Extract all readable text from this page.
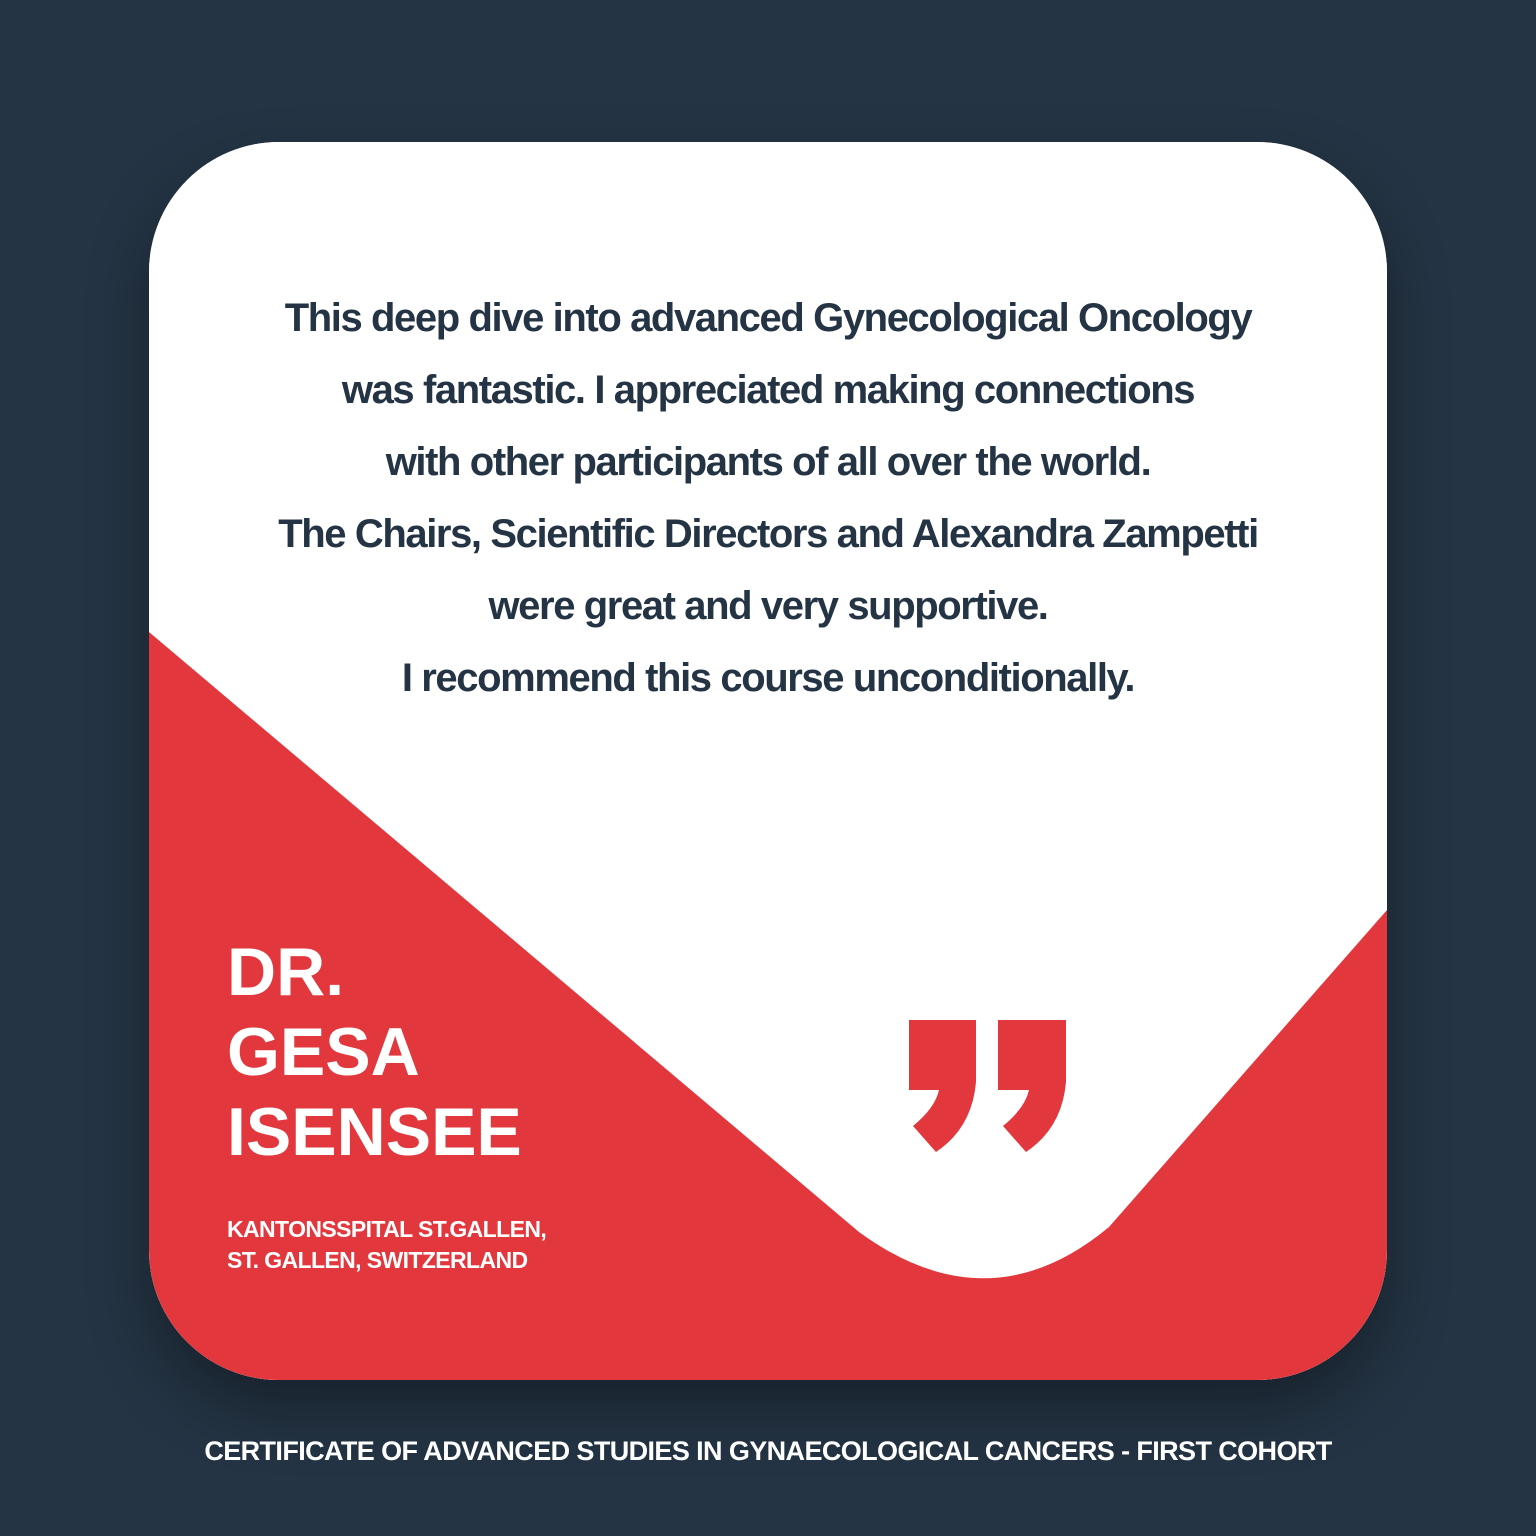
This deep dive into advanced Gynecological Oncology
was fantastic. I appreciated making connections
with other participants of all over the world.
The Chairs, Scientific Directors and Alexandra Zampetti
were great and very supportive.
I recommend this course unconditionally.
DR.
GESA
ISENSEE
KANTONSSPITAL ST.GALLEN,
ST. GALLEN, SWITZERLAND
CERTIFICATE OF ADVANCED STUDIES IN GYNAECOLOGICAL CANCERS - FIRST COHORT
